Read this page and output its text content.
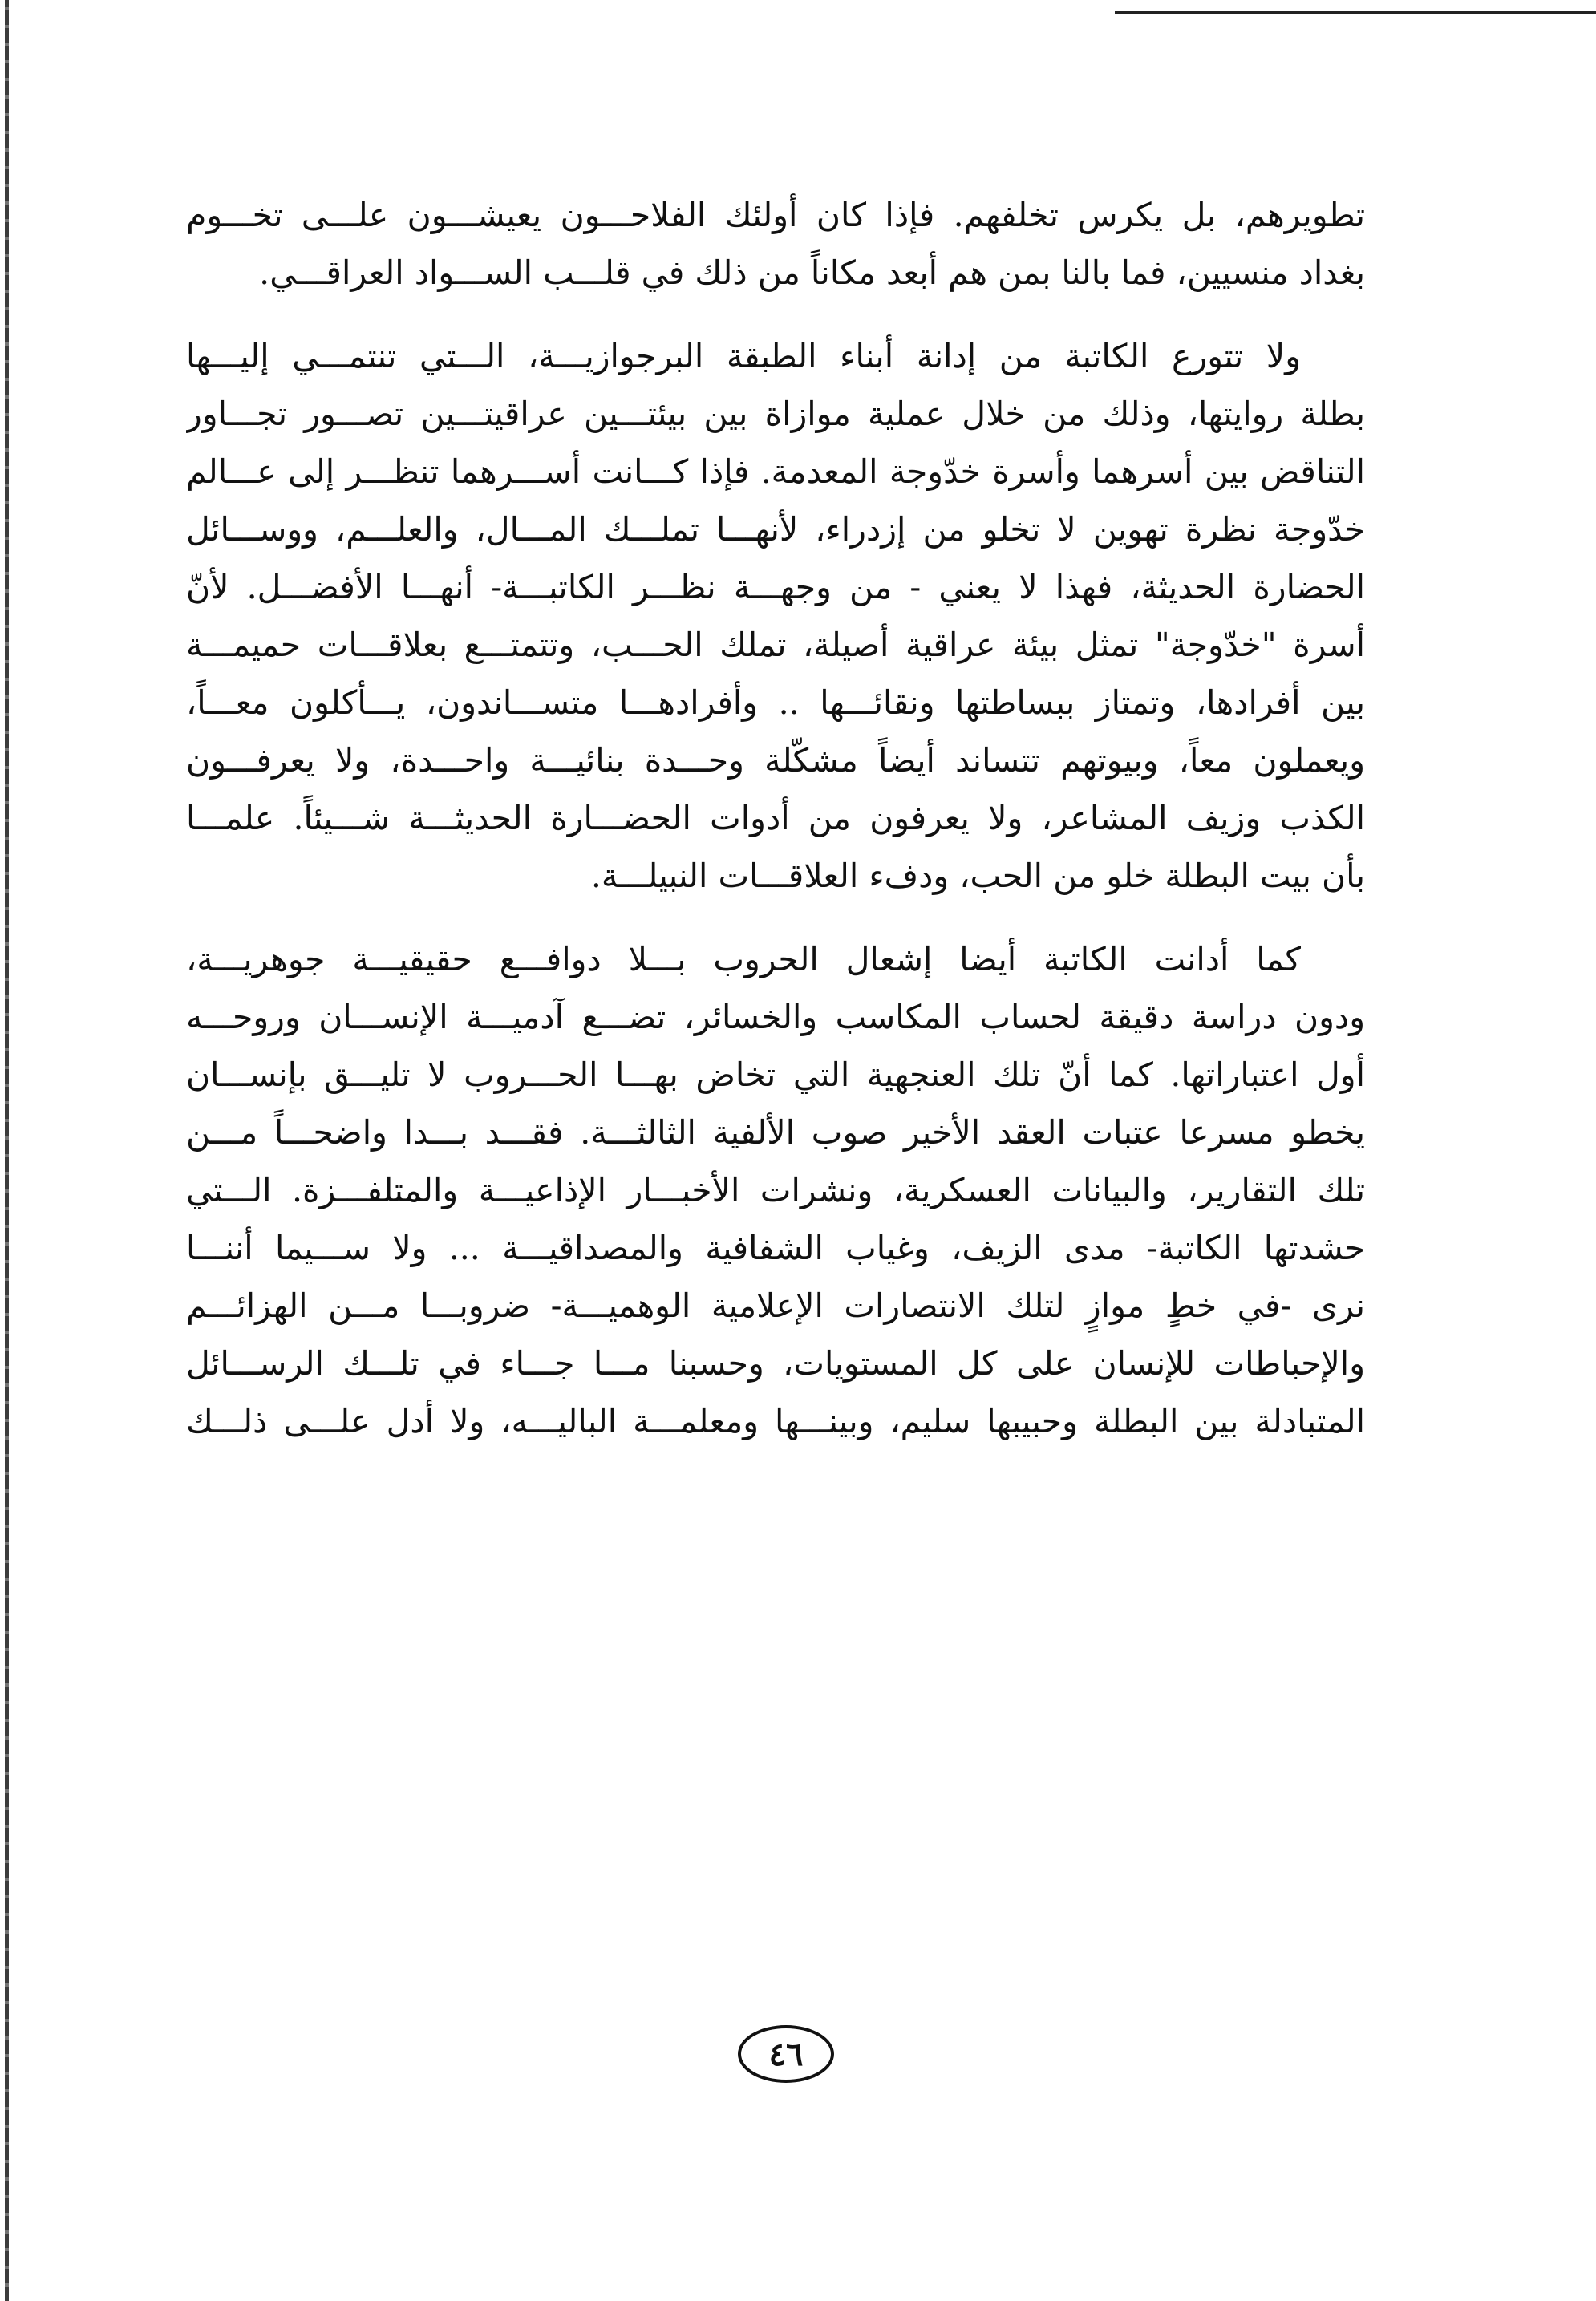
تطويرهم، بل يكرس تخلفهم. فإذا كان أولئك الفلاحـــون يعيشـــون علـــى تخـــوم
بغداد منسيين، فما بالنا بمن هم أبعد مكاناً من ذلك في قلـــب الســـواد العراقـــي.
ولا تتورع الكاتبة من إدانة أبناء الطبقة البرجوازيـــة، الـــتي تنتمـــي إليـــها
بطلة روايتها، وذلك من خلال عملية موازاة بين بيئتـــين عراقيتـــين تصـــور تجـــاور
التناقض بين أسرهما وأسرة خدّوجة المعدمة. فإذا كـــانت أســـرهما تنظـــر إلى عـــالم
خدّوجة نظرة تهوين لا تخلو من إزدراء، لأنهـــا تملـــك المـــال، والعلـــم، ووســـائل
الحضارة الحديثة، فهذا لا يعني - من وجهـــة نظـــر الكاتبـــة- أنهـــا الأفضـــل. لأنّ
أسرة "خدّوجة" تمثل بيئة عراقية أصيلة، تملك الحـــب، وتتمتـــع بعلاقـــات حميمـــة
بين أفرادها، وتمتاز ببساطتها ونقائـــها .. وأفرادهـــا متســـاندون، يـــأكلون معـــاً،
ويعملون معاً، وبيوتهم تتساند أيضاً مشكّلة وحـــدة بنائيـــة واحـــدة، ولا يعرفـــون
الكذب وزيف المشاعر، ولا يعرفون من أدوات الحضـــارة الحديثـــة شـــيئاً. علمـــا
بأن بيت البطلة خلو من الحب، ودفء العلاقـــات النبيلـــة.
كما أدانت الكاتبة أيضا إشعال الحروب بـــلا دوافـــع حقيقيـــة جوهريـــة،
ودون دراسة دقيقة لحساب المكاسب والخسائر، تضـــع آدميـــة الإنســـان وروحـــه
أول اعتباراتها. كما أنّ تلك العنجهية التي تخاض بهـــا الحـــروب لا تليـــق بإنســـان
يخطو مسرعا عتبات العقد الأخير صوب الألفية الثالثـــة. فقـــد بـــدا واضحـــاً مـــن
تلك التقارير، والبيانات العسكرية، ونشرات الأخبـــار الإذاعيـــة والمتلفـــزة. الـــتي
حشدتها الكاتبة- مدى الزيف، وغياب الشفافية والمصداقيـــة ... ولا ســـيما أننـــا
نرى -في خطٍ موازٍ لتلك الانتصارات الإعلامية الوهميـــة- ضروبـــا مـــن الهزائـــم
والإحباطات للإنسان على كل المستويات، وحسبنا مـــا جـــاء في تلـــك الرســـائل
المتبادلة بين البطلة وحبيبها سليم، وبينـــها ومعلمـــة الباليـــه، ولا أدل علـــى ذلـــك
٤٦
